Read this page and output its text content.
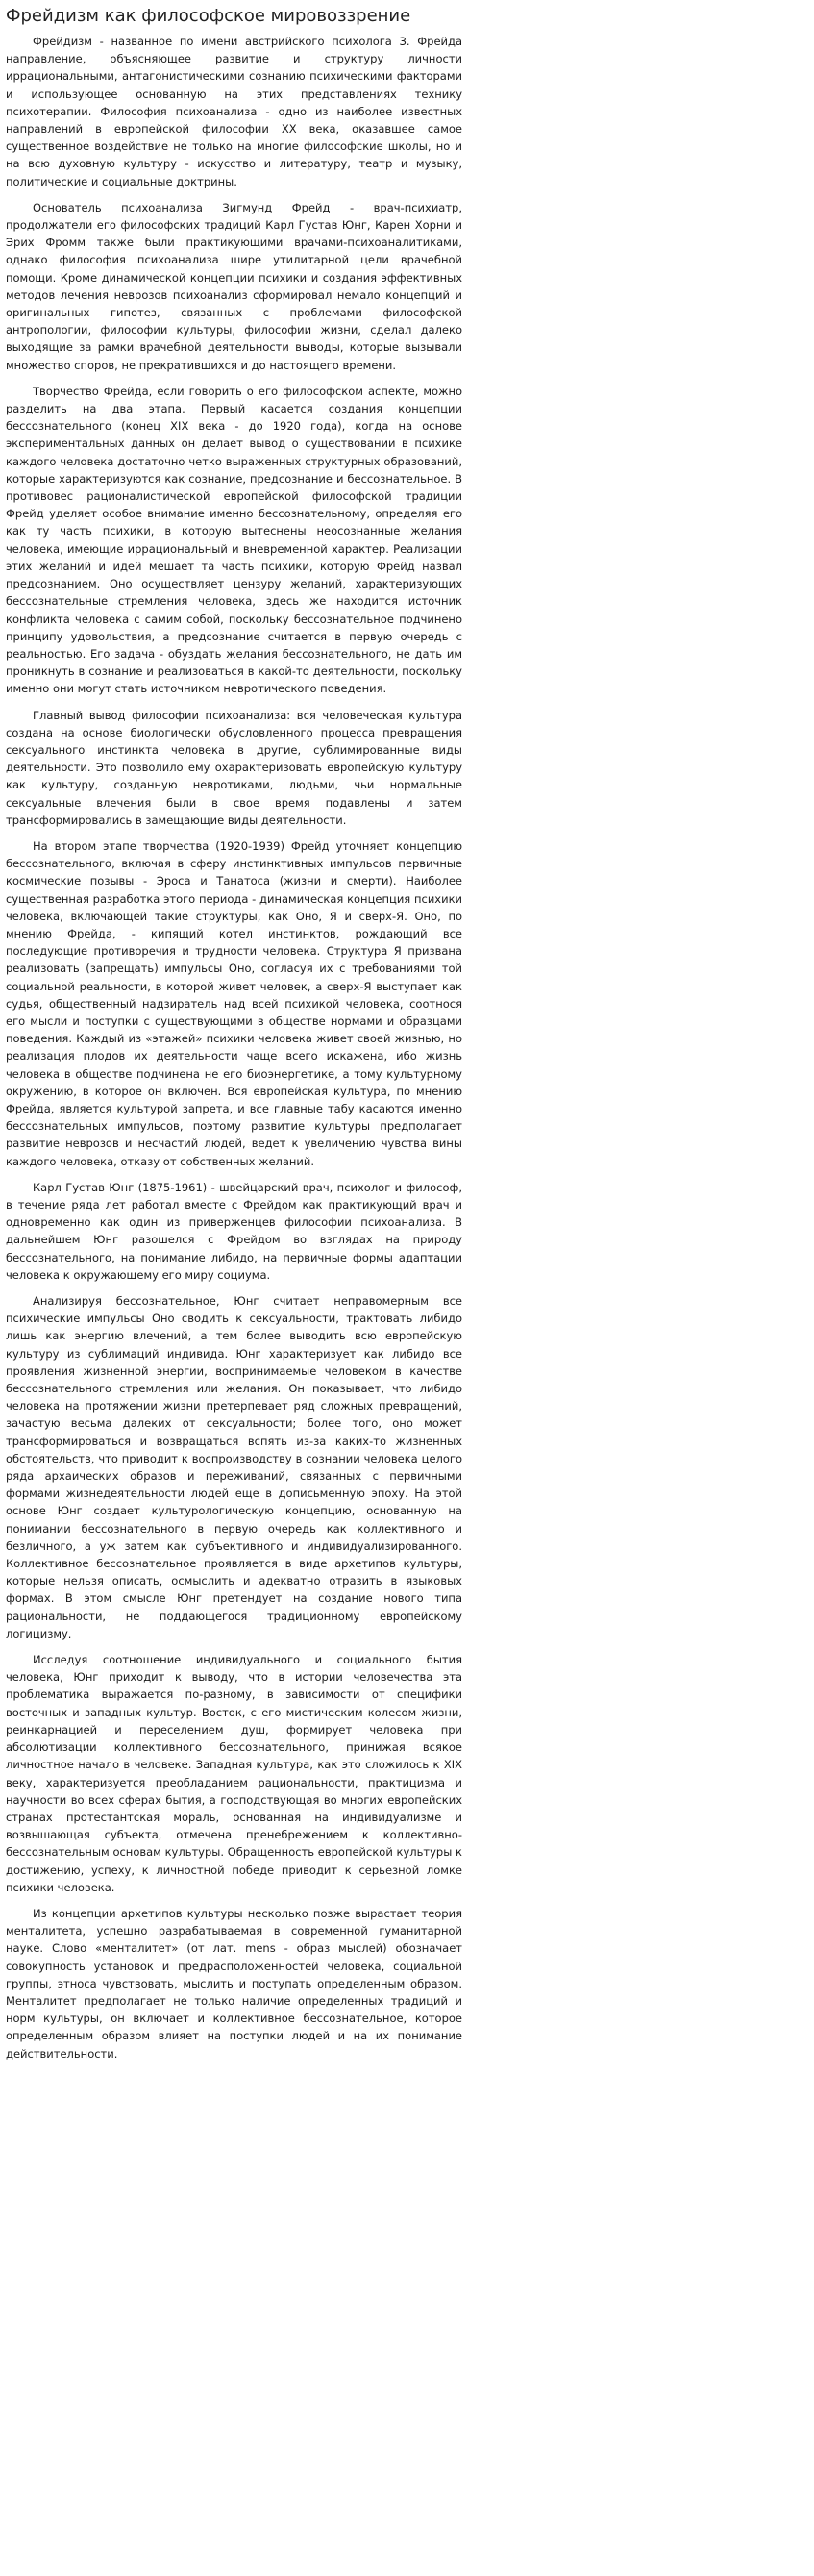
Фрейдизм как философское мировоззрение

Фрейдизм - названное по имени австрийского психолога З. Фрейда направление, объясняющее развитие и структуру личности иррациональными, антагонистическими сознанию психическими факторами и использующее основанную на этих представлениях технику психотерапии. Философия психоанализа - одно из наиболее известных направлений в европейской философии XX века, оказавшее самое существенное воздействие не только на многие философские школы, но и на всю духовную культуру - искусство и литературу, театр и музыку, политические и социальные доктрины.

Основатель психоанализа Зигмунд Фрейд - врач-психиатр, продолжатели его философских традиций Карл Густав Юнг, Карен Хорни и Эрих Фромм также были практикующими врачами-психоаналитиками, однако философия психоанализа шире утилитарной цели врачебной помощи. Кроме динамической концепции психики и создания эффективных методов лечения неврозов психоанализ сформировал немало концепций и оригинальных гипотез, связанных с проблемами философской антропологии, философии культуры, философии жизни, сделал далеко выходящие за рамки врачебной деятельности выводы, которые вызывали множество споров, не прекратившихся и до настоящего времени.

Творчество Фрейда, если говорить о его философском аспекте, можно разделить на два этапа. Первый касается создания концепции бессознательного (конец XIX века - до 1920 года), когда на основе экспериментальных данных он делает вывод о существовании в психике каждого человека достаточно четко выраженных структурных образований, которые характеризуются как сознание, предсознание и бессознательное. В противовес рационалистической европейской философской традиции Фрейд уделяет особое внимание именно бессознательному, определяя его как ту часть психики, в которую вытеснены неосознанные желания человека, имеющие иррациональный и вневременной характер. Реализации этих желаний и идей мешает та часть психики, которую Фрейд назвал предсознанием. Оно осуществляет цензуру желаний, характеризующих бессознательные стремления человека, здесь же находится источник конфликта человека с самим собой, поскольку бессознательное подчинено принципу удовольствия, а предсознание считается в первую очередь с реальностью. Его задача - обуздать желания бессознательного, не дать им проникнуть в сознание и реализоваться в какой-то деятельности, поскольку именно они могут стать источником невротического поведения.

Главный вывод философии психоанализа: вся человеческая культура создана на основе биологически обусловленного процесса превращения сексуального инстинкта человека в другие, сублимированные виды деятельности. Это позволило ему охарактеризовать европейскую культуру как культуру, созданную невротиками, людьми, чьи нормальные сексуальные влечения были в свое время подавлены и затем трансформировались в замещающие виды деятельности.

На втором этапе творчества (1920-1939) Фрейд уточняет концепцию бессознательного, включая в сферу инстинктивных импульсов первичные космические позывы - Эроса и Танатоса (жизни и смерти). Наиболее существенная разработка этого периода - динамическая концепция психики человека, включающей такие структуры, как Оно, Я и сверх-Я. Оно, по мнению Фрейда, - кипящий котел инстинктов, рождающий все последующие противоречия и трудности человека. Структура Я призвана реализовать (запрещать) импульсы Оно, согласуя их с требованиями той социальной реальности, в которой живет человек, а сверх-Я выступает как судья, общественный надзиратель над всей психикой человека, соотнося его мысли и поступки с существующими в обществе нормами и образцами поведения. Каждый из «этажей» психики человека живет своей жизнью, но реализация плодов их деятельности чаще всего искажена, ибо жизнь человека в обществе подчинена не его биоэнергетике, а тому культурному окружению, в которое он включен. Вся европейская культура, по мнению Фрейда, является культурой запрета, и все главные табу касаются именно бессознательных импульсов, поэтому развитие культуры предполагает развитие неврозов и несчастий людей, ведет к увеличению чувства вины каждого человека, отказу от собственных желаний.

Карл Густав Юнг (1875-1961) - швейцарский врач, психолог и философ, в течение ряда лет работал вместе с Фрейдом как практикующий врач и одновременно как один из приверженцев философии психоанализа. В дальнейшем Юнг разошелся с Фрейдом во взглядах на природу бессознательного, на понимание либидо, на первичные формы адаптации человека к окружающему его миру социума.

Анализируя бессознательное, Юнг считает неправомерным все психические импульсы Оно сводить к сексуальности, трактовать либидо лишь как энергию влечений, а тем более выводить всю европейскую культуру из сублимаций индивида. Юнг характеризует как либидо все проявления жизненной энергии, воспринимаемые человеком в качестве бессознательного стремления или желания. Он показывает, что либидо человека на протяжении жизни претерпевает ряд сложных превращений, зачастую весьма далеких от сексуальности; более того, оно может трансформироваться и возвращаться вспять из-за каких-то жизненных обстоятельств, что приводит к воспроизводству в сознании человека целого ряда архаических образов и переживаний, связанных с первичными формами жизнедеятельности людей еще в дописьменную эпоху. На этой основе Юнг создает культурологическую концепцию, основанную на понимании бессознательного в первую очередь как коллективного и безличного, а уж затем как субъективного и индивидуализированного. Коллективное бессознательное проявляется в виде архетипов культуры, которые нельзя описать, осмыслить и адекватно отразить в языковых формах. В этом смысле Юнг претендует на создание нового типа рациональности, не поддающегося традиционному европейскому логицизму.

Исследуя соотношение индивидуального и социального бытия человека, Юнг приходит к выводу, что в истории человечества эта проблематика выражается по-разному, в зависимости от специфики восточных и западных культур. Восток, с его мистическим колесом жизни, реинкарнацией и переселением душ, формирует человека при абсолютизации коллективного бессознательного, принижая всякое личностное начало в человеке. Западная культура, как это сложилось к XIX веку, характеризуется преобладанием рациональности, практицизма и научности во всех сферах бытия, а господствующая во многих европейских странах протестантская мораль, основанная на индивидуализме и возвышающая субъекта, отмечена пренебрежением к коллективно-бессознательным основам культуры. Обращенность европейской культуры к достижению, успеху, к личностной победе приводит к серьезной ломке психики человека.

Из концепции архетипов культуры несколько позже вырастает теория менталитета, успешно разрабатываемая в современной гуманитарной науке. Слово «менталитет» (от лат. mens - образ мыслей) обозначает совокупность установок и предрасположенностей человека, социальной группы, этноса чувствовать, мыслить и поступать определенным образом. Менталитет предполагает не только наличие определенных традиций и норм культуры, он включает и коллективное бессознательное, которое определенным образом влияет на поступки людей и на их понимание действительности.
